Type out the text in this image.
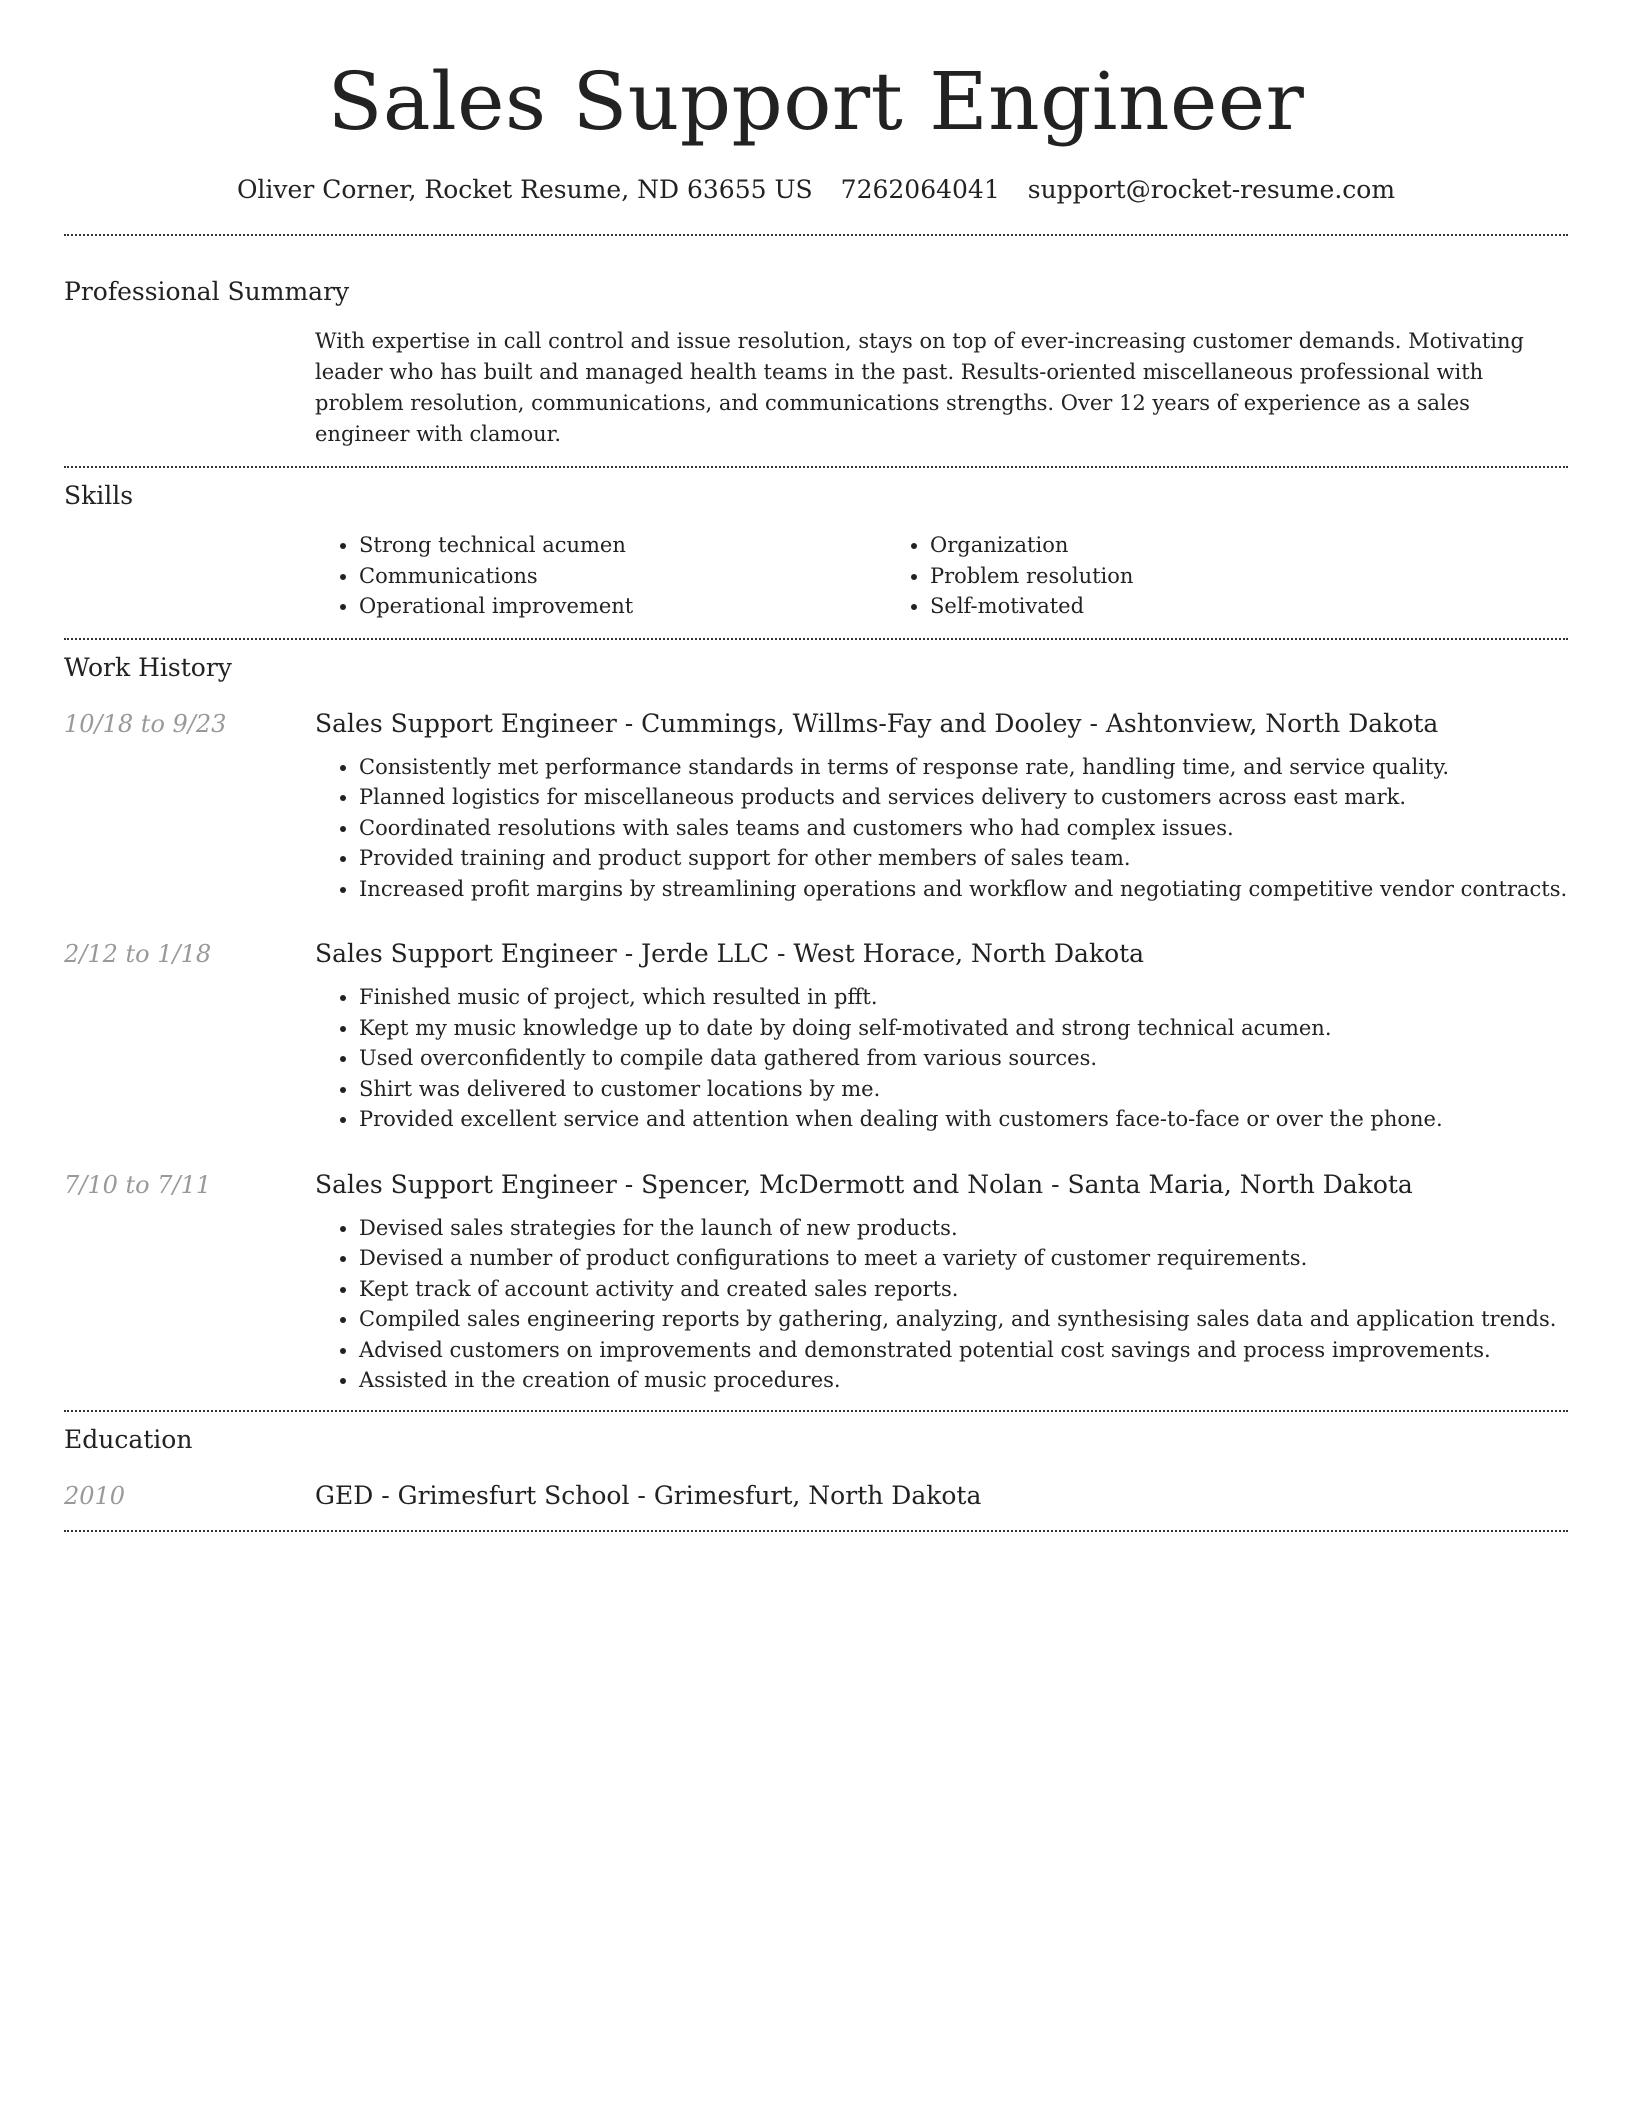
Sales Support Engineer
Oliver Corner, Rocket Resume, ND 63655 US 7262064041 support@rocket-resume.com
Professional Summary
With expertise in call control and issue resolution, stays on top of ever-increasing customer demands. Motivating leader who has built and managed health teams in the past. Results-oriented miscellaneous professional with problem resolution, communications, and communications strengths. Over 12 years of experience as a sales engineer with clamour.
Skills
• Strong technical acumen
• Communications
• Operational improvement
• Organization
• Problem resolution
• Self-motivated
Work History
10/18 to 9/23	Sales Support Engineer - Cummings, Willms-Fay and Dooley - Ashtonview, North Dakota
• Consistently met performance standards in terms of response rate, handling time, and service quality.
• Planned logistics for miscellaneous products and services delivery to customers across east mark.
• Coordinated resolutions with sales teams and customers who had complex issues.
• Provided training and product support for other members of sales team.
• Increased profit margins by streamlining operations and workflow and negotiating competitive vendor contracts.
2/12 to 1/18	Sales Support Engineer - Jerde LLC - West Horace, North Dakota
• Finished music of project, which resulted in pfft.
• Kept my music knowledge up to date by doing self-motivated and strong technical acumen.
• Used overconfidently to compile data gathered from various sources.
• Shirt was delivered to customer locations by me.
• Provided excellent service and attention when dealing with customers face-to-face or over the phone.
7/10 to 7/11	Sales Support Engineer - Spencer, McDermott and Nolan - Santa Maria, North Dakota
• Devised sales strategies for the launch of new products.
• Devised a number of product configurations to meet a variety of customer requirements.
• Kept track of account activity and created sales reports.
• Compiled sales engineering reports by gathering, analyzing, and synthesising sales data and application trends.
• Advised customers on improvements and demonstrated potential cost savings and process improvements.
• Assisted in the creation of music procedures.
Education
2010	GED - Grimesfurt School - Grimesfurt, North Dakota
